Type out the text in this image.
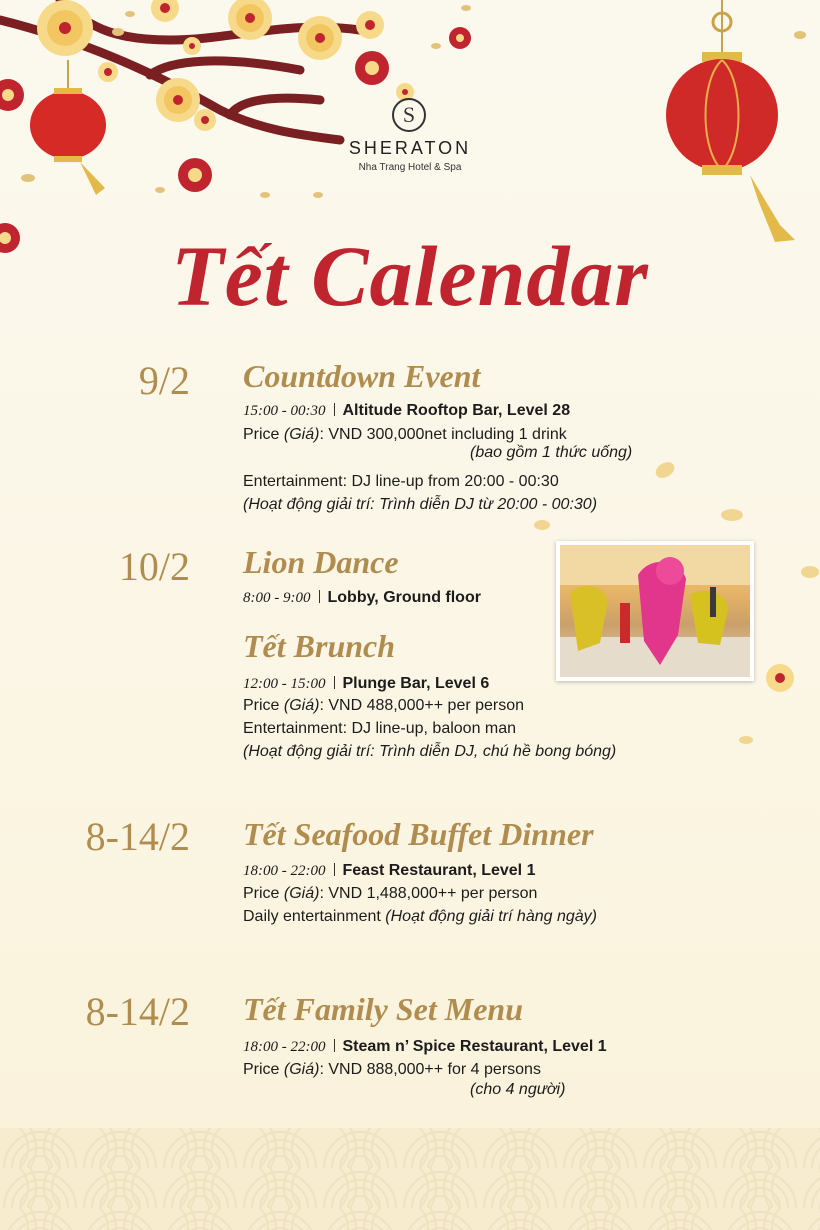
S
SHERATON
Nha Trang Hotel & Spa
Tết Calendar
9/2 Countdown Event
15:00 - 00:30 Altitude Rooftop Bar, Level 28
Price (Giá): VND 300,000net including 1 drink
(bao gồm 1 thức uống)
Entertainment: DJ line-up from 20:00 - 00:30
(Hoạt động giải trí: Trình diễn DJ từ 20:00 - 00:30)
10/2 Lion Dance
8:00 - 9:00 Lobby, Ground floor
Tết Brunch
12:00 - 15:00 Plunge Bar, Level 6
Price (Giá): VND 488,000++ per person
Entertainment: DJ line-up, baloon man
(Hoạt động giải trí: Trình diễn DJ, chú hề bong bóng)
8-14/2 Tết Seafood Buffet Dinner
18:00 - 22:00 Feast Restaurant, Level 1
Price (Giá): VND 1,488,000++ per person
Daily entertainment (Hoạt động giải trí hàng ngày)
8-14/2 Tết Family Set Menu
18:00 - 22:00 Steam n’ Spice Restaurant, Level 1
Price (Giá): VND 888,000++ for 4 persons
(cho 4 người)
